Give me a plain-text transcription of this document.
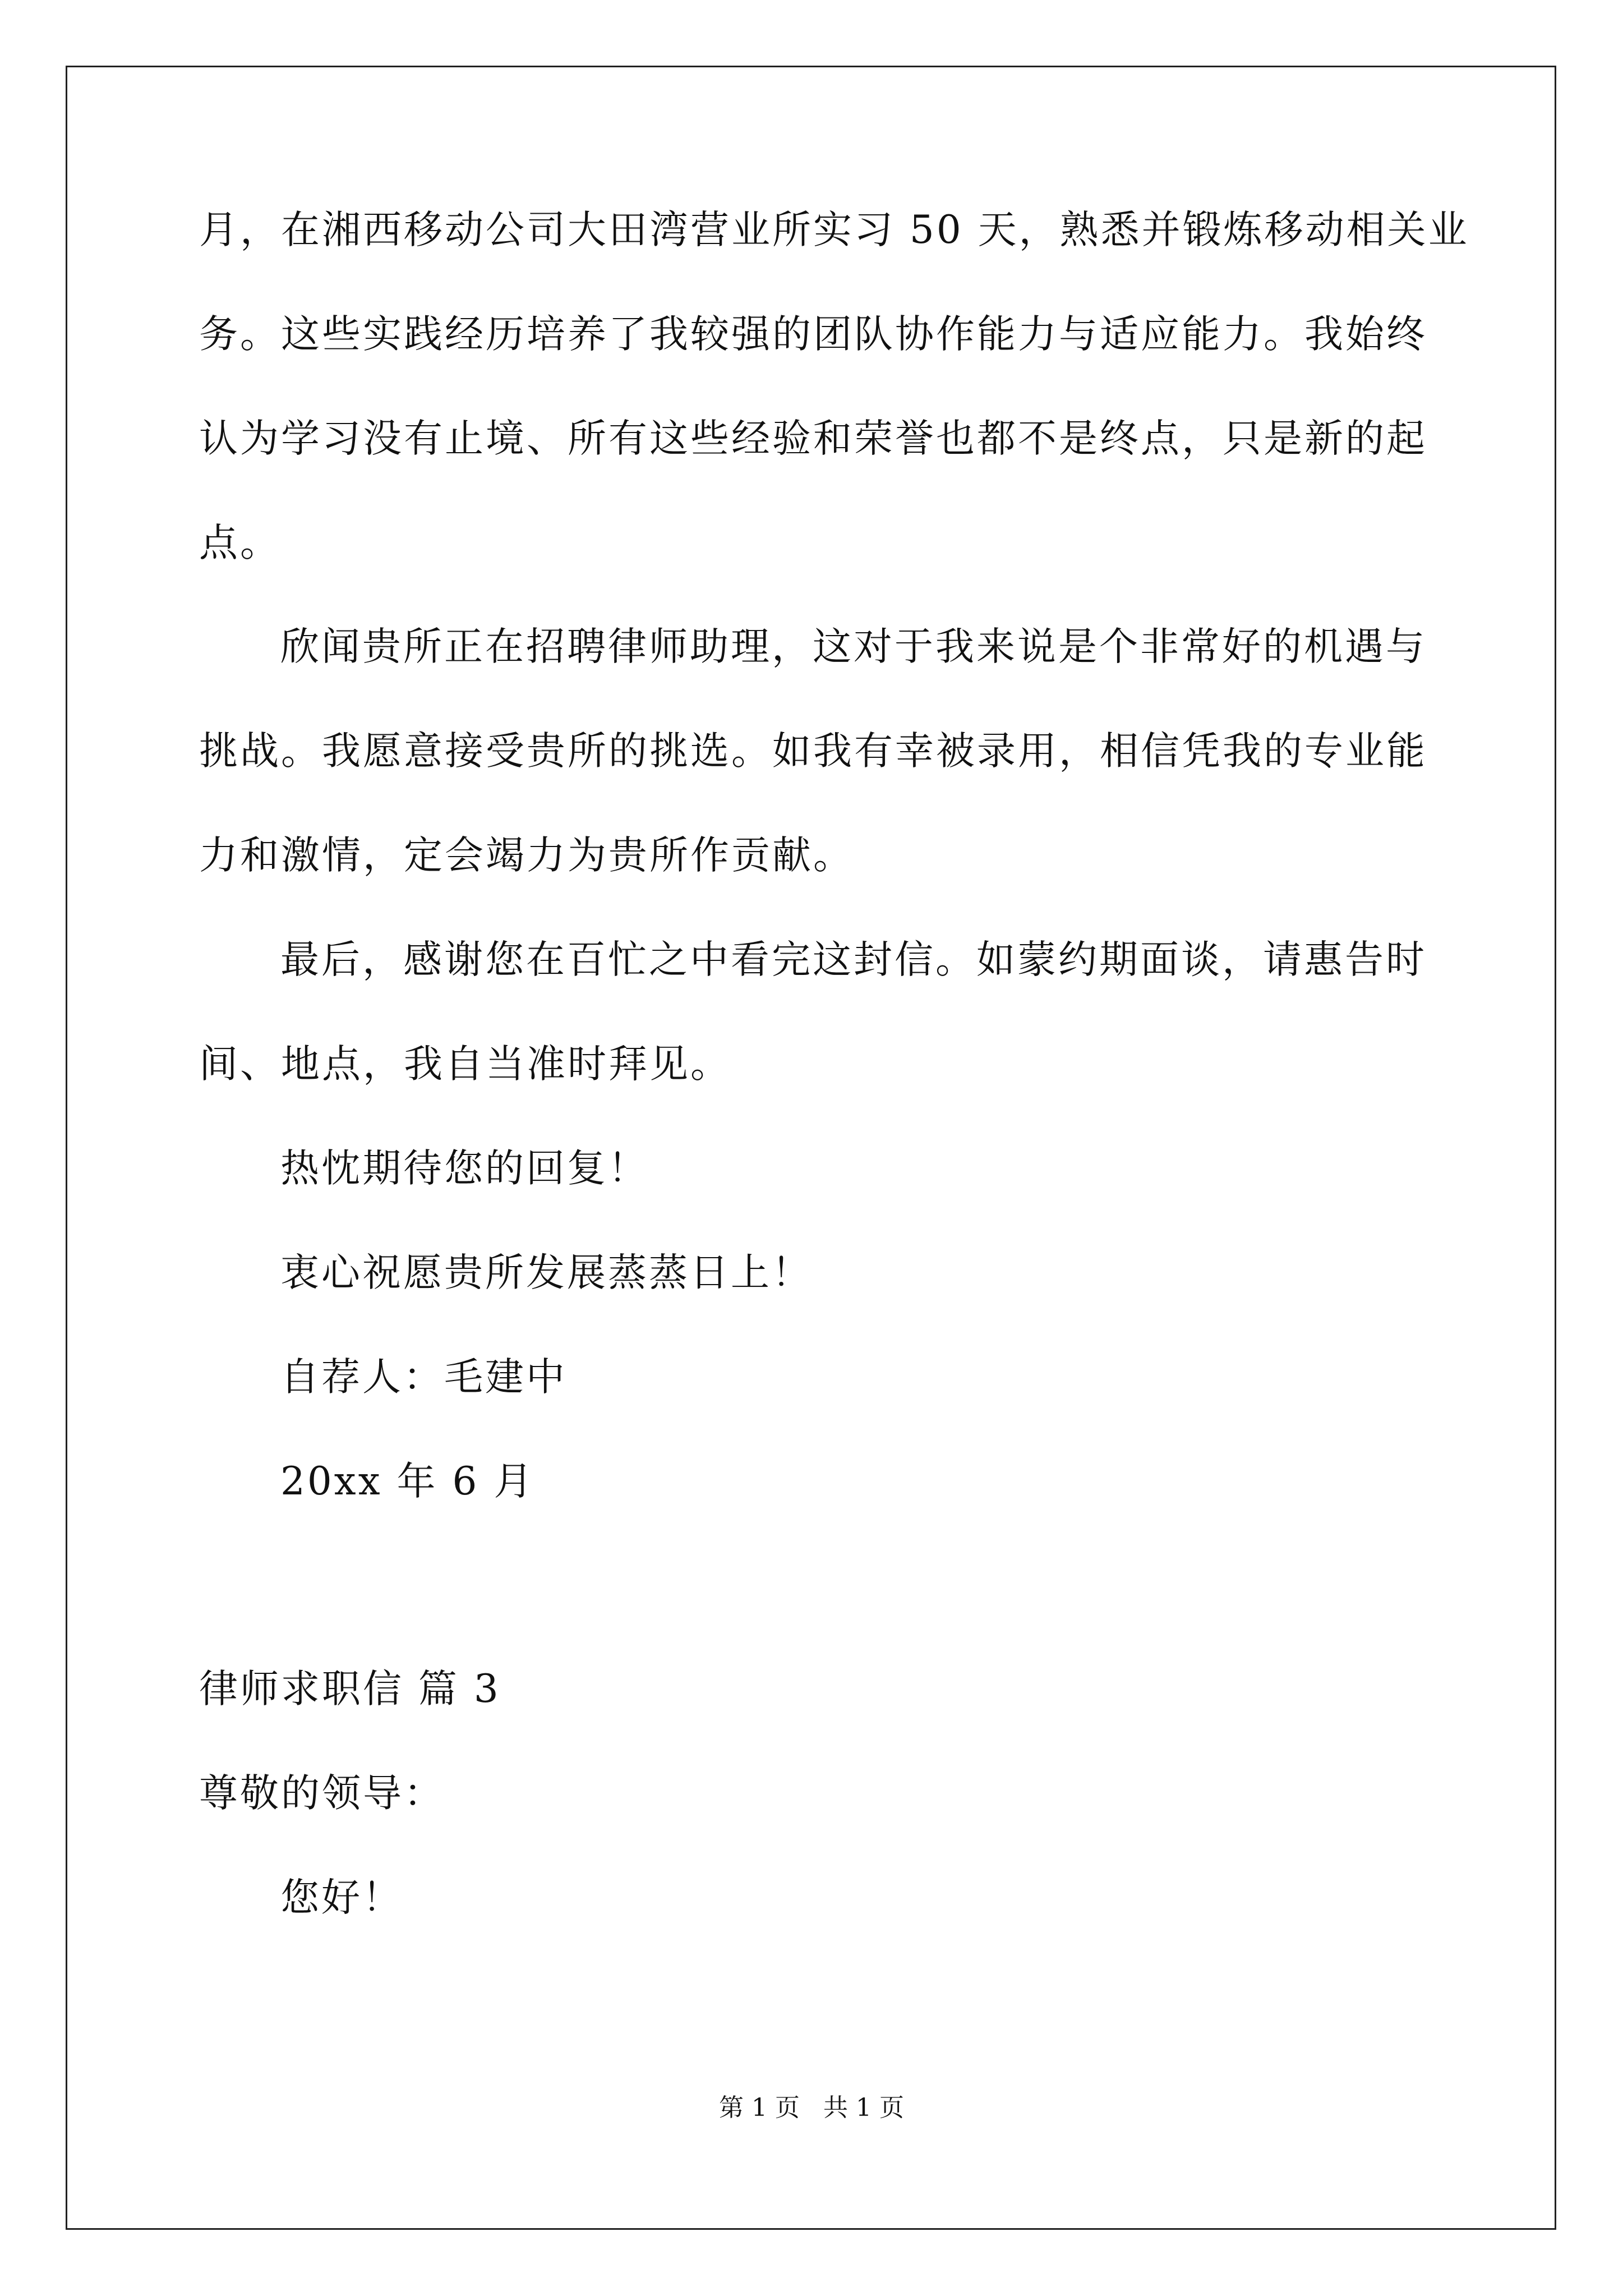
月，在湘西移动公司大田湾营业所实习 50 天，熟悉并锻炼移动相关业
务。这些实践经历培养了我较强的团队协作能力与适应能力。我始终
认为学习没有止境、所有这些经验和荣誉也都不是终点，只是新的起
点。
欣闻贵所正在招聘律师助理，这对于我来说是个非常好的机遇与
挑战。我愿意接受贵所的挑选。如我有幸被录用，相信凭我的专业能
力和激情，定会竭力为贵所作贡献。
最后，感谢您在百忙之中看完这封信。如蒙约期面谈，请惠告时
间、地点，我自当准时拜见。
热忱期待您的回复！
衷心祝愿贵所发展蒸蒸日上！
自荐人：毛建中
20xx 年 6 月
律师求职信 篇 3
尊敬的领导：
您好！
第 1 页 共 1 页
